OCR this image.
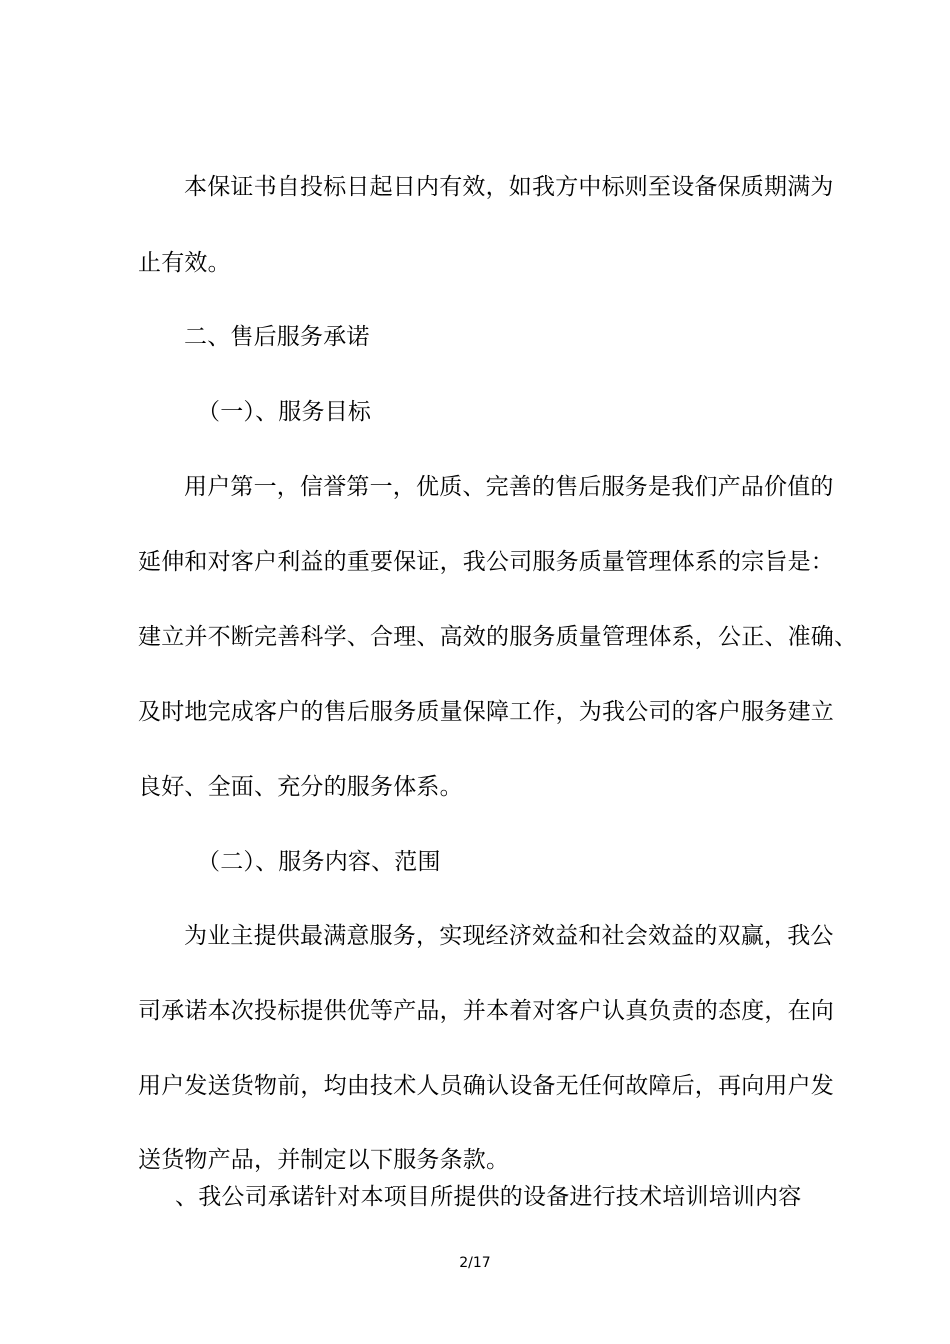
本保证书自投标日起日内有效，如我方中标则至设备保质期满为
止有效。
二、售后服务承诺
（一）、服务目标
用户第一，信誉第一，优质、完善的售后服务是我们产品价值的
延伸和对客户利益的重要保证，我公司服务质量管理体系的宗旨是：
建立并不断完善科学、合理、高效的服务质量管理体系，公正、准确、
及时地完成客户的售后服务质量保障工作，为我公司的客户服务建立
良好、全面、充分的服务体系。
（二）、服务内容、范围
为业主提供最满意服务，实现经济效益和社会效益的双赢，我公
司承诺本次投标提供优等产品，并本着对客户认真负责的态度，在向
用户发送货物前，均由技术人员确认设备无任何故障后，再向用户发
送货物产品，并制定以下服务条款。
、我公司承诺针对本项目所提供的设备进行技术培训培训内容
2/17
